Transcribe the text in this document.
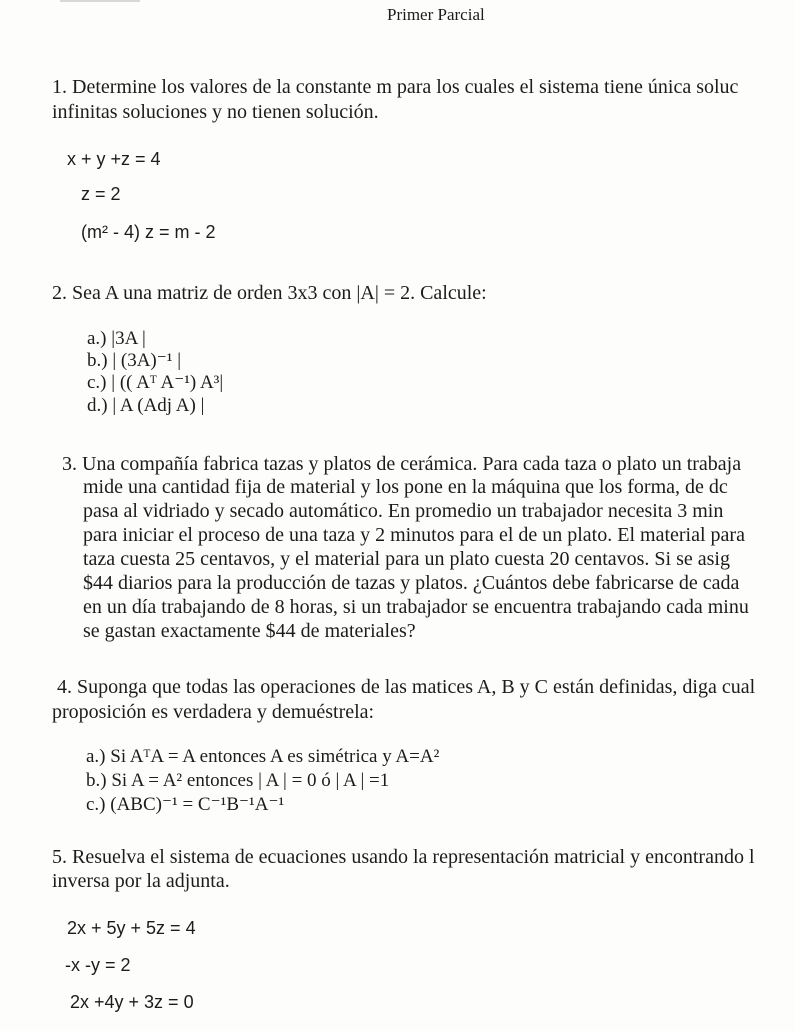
Primer Parcial
1. Determine los valores de la constante m para los cuales el sistema tiene única soluc
infinitas soluciones y no tienen solución.
x + y +z = 4
z = 2
(m² - 4) z = m - 2
2. Sea A una matriz de orden 3x3 con |A| = 2. Calcule:
a.) |3A |
b.) | (3A)⁻¹ |
c.) | (( Aᵀ A⁻¹) A³|
d.) | A (Adj A) |
3. Una compañía fabrica tazas y platos de cerámica. Para cada taza o plato un trabaja
mide una cantidad fija de material y los pone en la máquina que los forma, de dc
pasa al vidriado y secado automático. En promedio un trabajador necesita 3 min
para iniciar el proceso de una taza y 2 minutos para el de un plato. El material para
taza cuesta 25 centavos, y el material para un plato cuesta 20 centavos. Si se asig
$44 diarios para la producción de tazas y platos. ¿Cuántos debe fabricarse de cada
en un día trabajando de 8 horas, si un trabajador se encuentra trabajando cada minu
se gastan exactamente $44 de materiales?
4. Suponga que todas las operaciones de las matices A, B y C están definidas, diga cual
proposición es verdadera y demuéstrela:
a.) Si AᵀA = A entonces A es simétrica y A=A²
b.) Si A = A² entonces | A | = 0 ó | A | =1
c.) (ABC)⁻¹ = C⁻¹B⁻¹A⁻¹
5. Resuelva el sistema de ecuaciones usando la representación matricial y encontrando l
inversa por la adjunta.
2x + 5y + 5z = 4
-x -y = 2
2x +4y + 3z = 0
